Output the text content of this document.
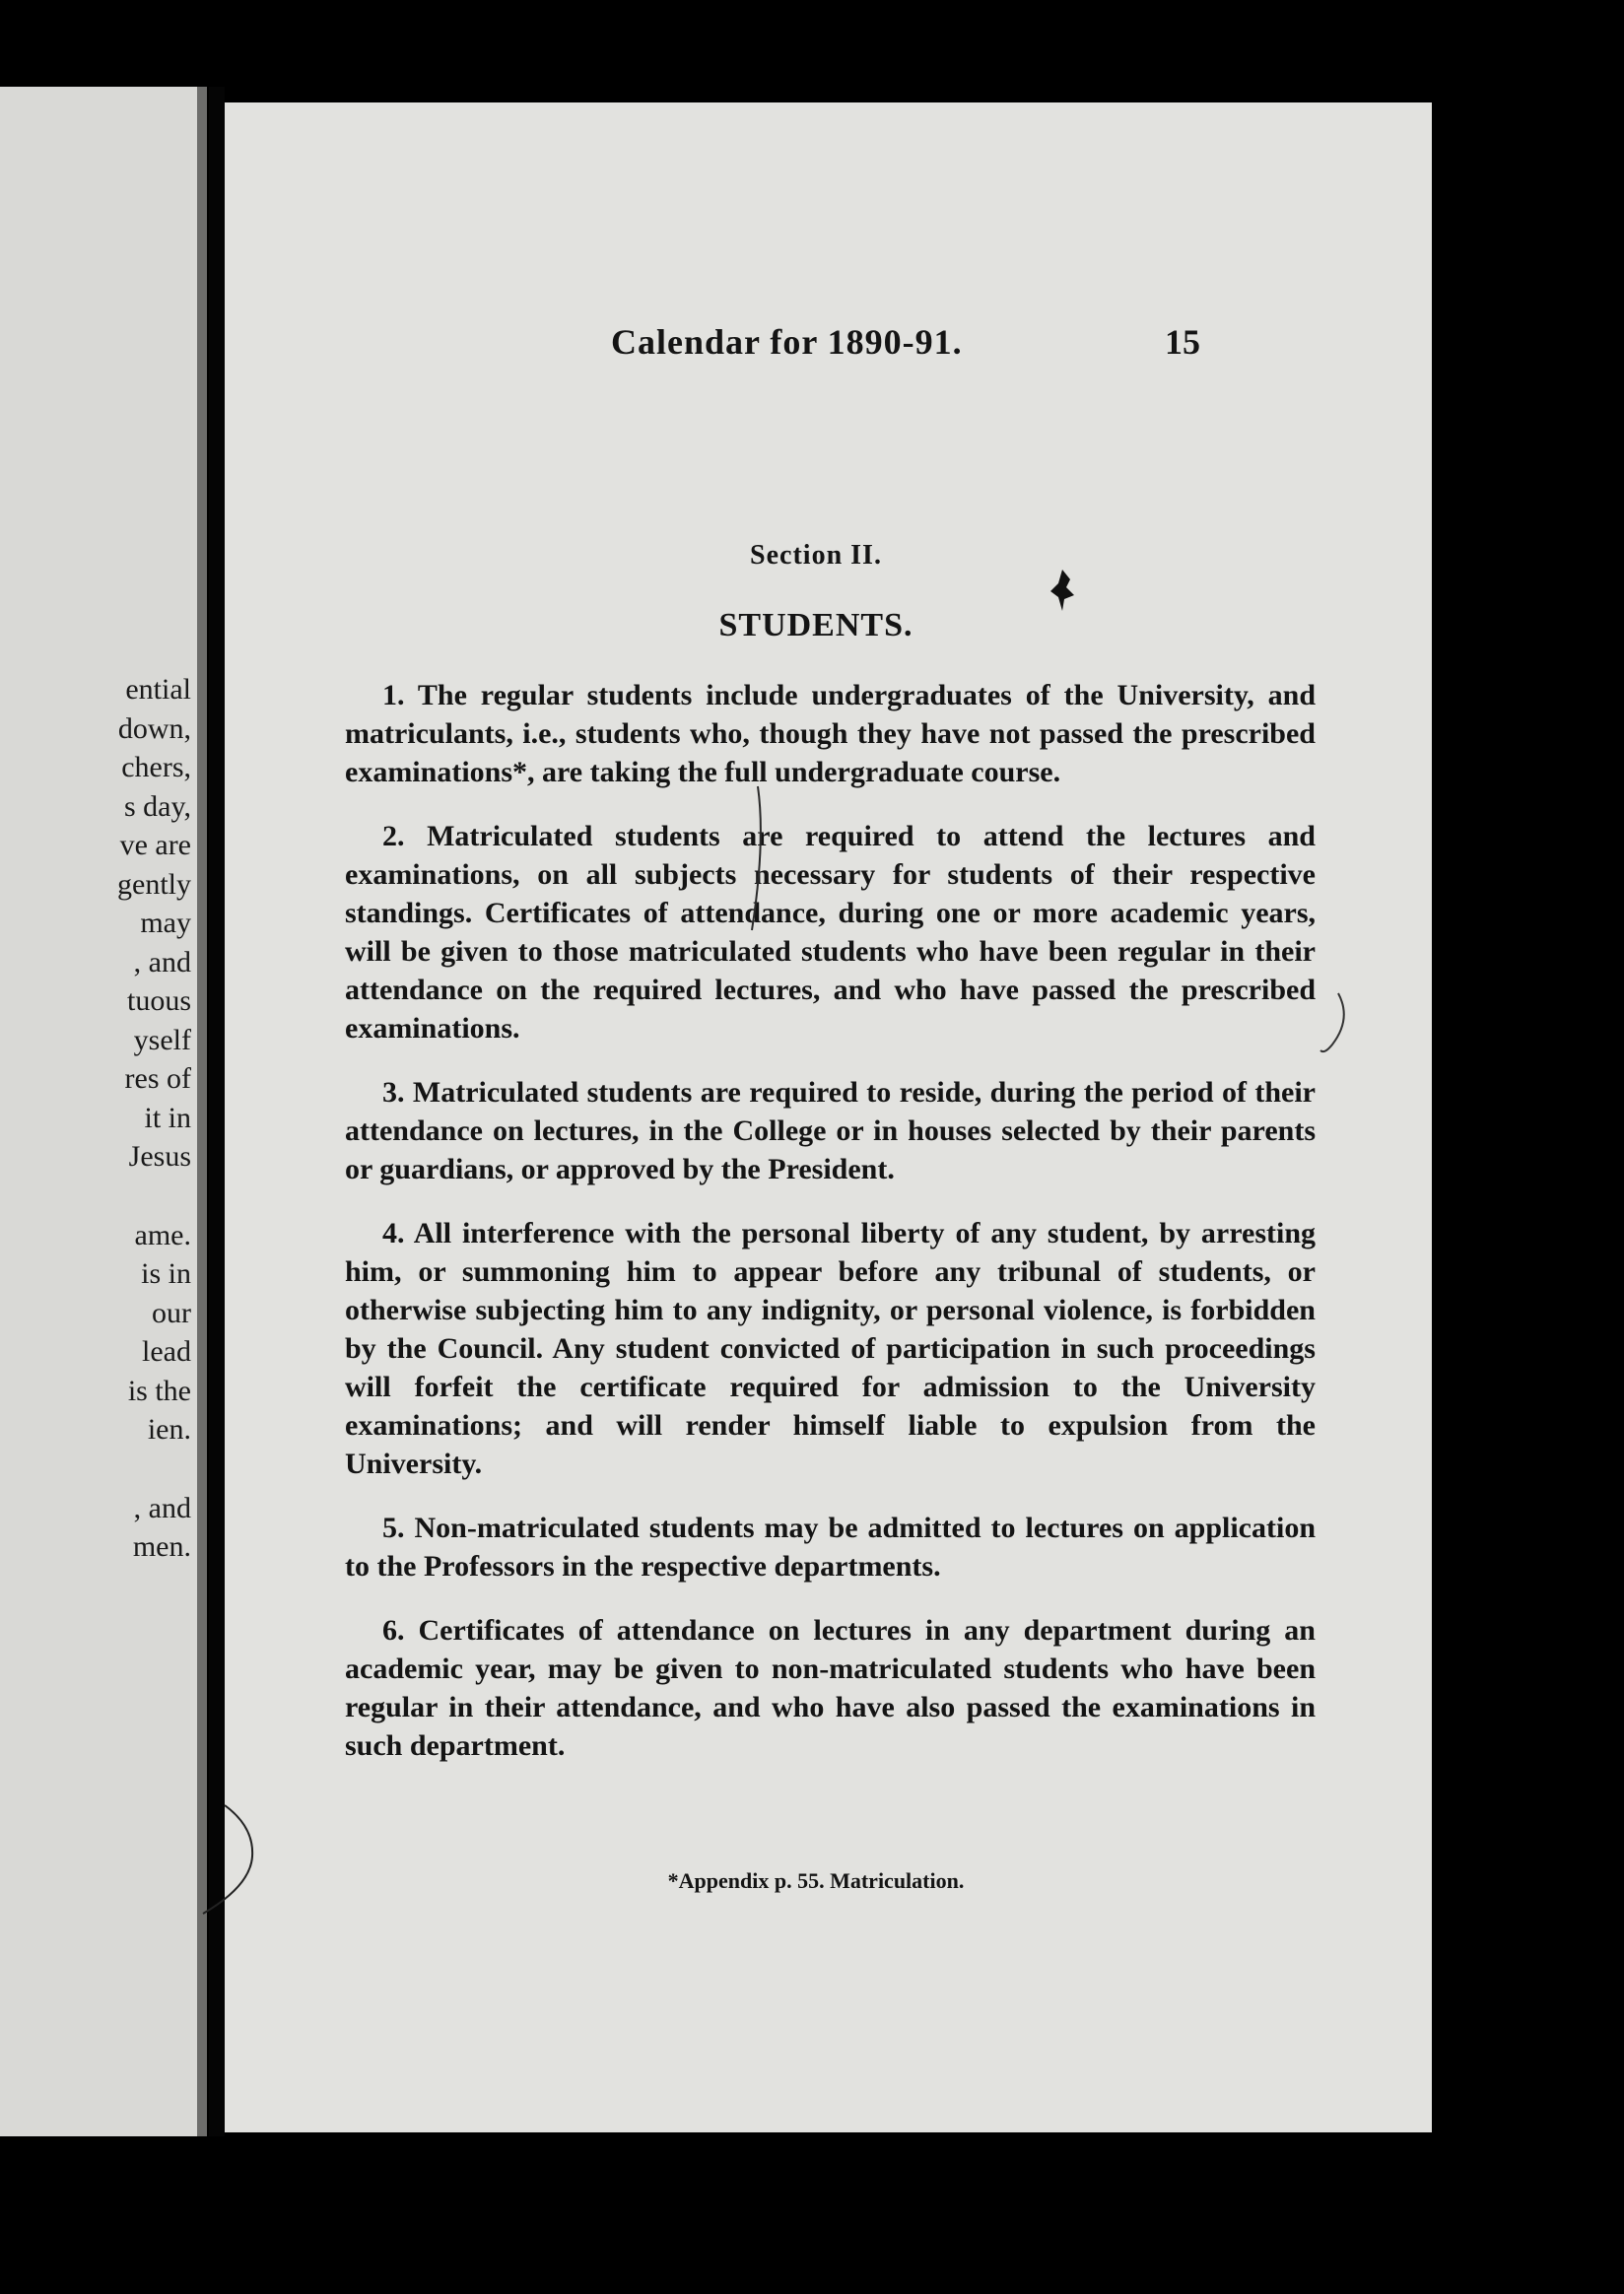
ential
down,
chers,
s day,
ve are
gently
may
, and
tuous
yself
res of
it in
Jesus
ame.
is in
our
lead
is the
ien.
, and
men.
Calendar for 1890-91.	15
Section II.
STUDENTS.

1. The regular students include undergraduates of the University, and matriculants, i.e., students who, though they have not passed the prescribed examinations*, are taking the full undergraduate course.

2. Matriculated students are required to attend the lectures and examinations, on all subjects necessary for students of their respective standings. Certificates of attendance, during one or more academic years, will be given to those matriculated students who have been regular in their attendance on the required lectures, and who have passed the prescribed examinations.

3. Matriculated students are required to reside, during the period of their attendance on lectures, in the College or in houses selected by their parents or guardians, or approved by the President.

4. All interference with the personal liberty of any student, by arresting him, or summoning him to appear before any tribunal of students, or otherwise subjecting him to any indignity, or personal violence, is forbidden by the Council. Any student convicted of participation in such proceedings will forfeit the certificate required for admission to the University examinations; and will render himself liable to expulsion from the University.

5. Non-matriculated students may be admitted to lectures on application to the Professors in the respective departments.

6. Certificates of attendance on lectures in any department during an academic year, may be given to non-matriculated students who have been regular in their attendance, and who have also passed the examinations in such department.

*Appendix p. 55. Matriculation.
